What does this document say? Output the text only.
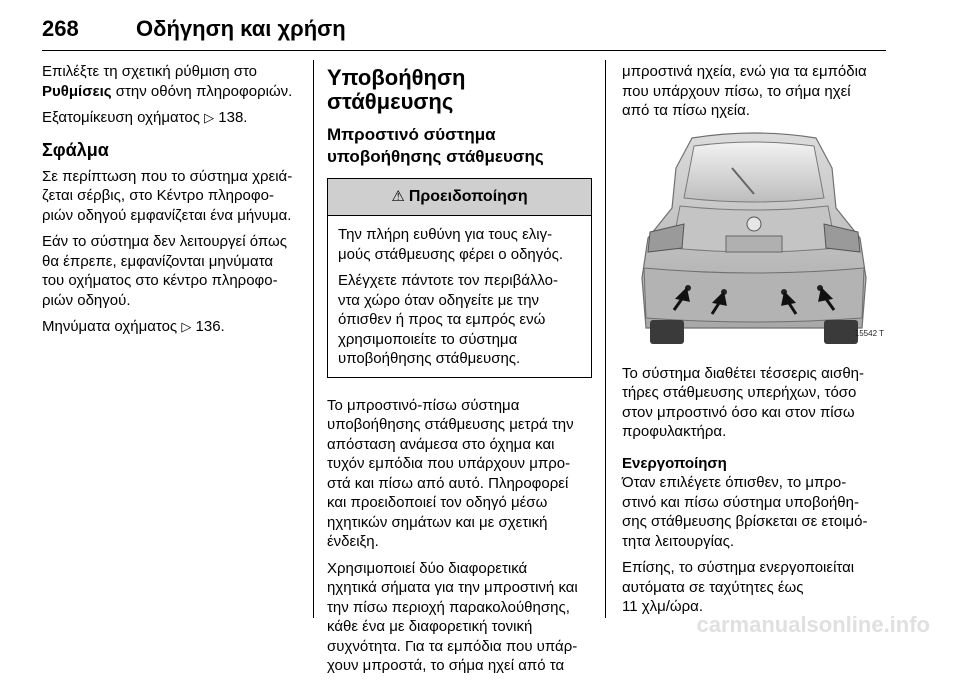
268	Οδήγηση και χρήση

Επιλέξτε τη σχετική ρύθμιση στο
Ρυθμίσεις στην οθόνη πληροφοριών.

Εξατομίκευση οχήματος ▷ 138.

Σφάλμα

Σε περίπτωση που το σύστημα χρειά-
ζεται σέρβις, στο Κέντρο πληροφο-
ριών οδηγού εμφανίζεται ένα μήνυμα.

Εάν το σύστημα δεν λειτουργεί όπως
θα έπρεπε, εμφανίζονται μηνύματα
του οχήματος στο κέντρο πληροφο-
ριών οδηγού.

Μηνύματα οχήματος ▷ 136.

Υποβοήθηση στάθμευσης
Μπροστινό σύστημα
υποβοήθησης στάθμευσης
⚠ Προειδοποίηση

Την πλήρη ευθύνη για τους ελιγ-
μούς στάθμευσης φέρει ο οδηγός.

Ελέγχετε πάντοτε τον περιβάλλο-
ντα χώρο όταν οδηγείτε με την
όπισθεν ή προς τα εμπρός ενώ
χρησιμοποιείτε το σύστημα
υποβοήθησης στάθμευσης.

Το μπροστινό-πίσω σύστημα
υποβοήθησης στάθμευσης μετρά την
απόσταση ανάμεσα στο όχημα και
τυχόν εμπόδια που υπάρχουν μπρο-
στά και πίσω από αυτό. Πληροφορεί
και προειδοποιεί τον οδηγό μέσω
ηχητικών σημάτων και με σχετική
ένδειξη.

Χρησιμοποιεί δύο διαφορετικά
ηχητικά σήματα για την μπροστινή και
την πίσω περιοχή παρακολούθησης,
κάθε ένα με διαφορετική τονική
συχνότητα. Για τα εμπόδια που υπάρ-
χουν μπροστά, το σήμα ηχεί από τα

μπροστινά ηχεία, ενώ για τα εμπόδια
που υπάρχουν πίσω, το σήμα ηχεί
από τα πίσω ηχεία.

15542 T

Το σύστημα διαθέτει τέσσερις αισθη-
τήρες στάθμευσης υπερήχων, τόσο
στον μπροστινό όσο και στον πίσω
προφυλακτήρα.

Ενεργοποίηση

Όταν επιλέγετε όπισθεν, το μπρο-
στινό και πίσω σύστημα υποβοήθη-
σης στάθμευσης βρίσκεται σε ετοιμό-
τητα λειτουργίας.

Επίσης, το σύστημα ενεργοποιείται
αυτόματα σε ταχύτητες έως
11 χλμ/ώρα.

carmanualsonline.info
